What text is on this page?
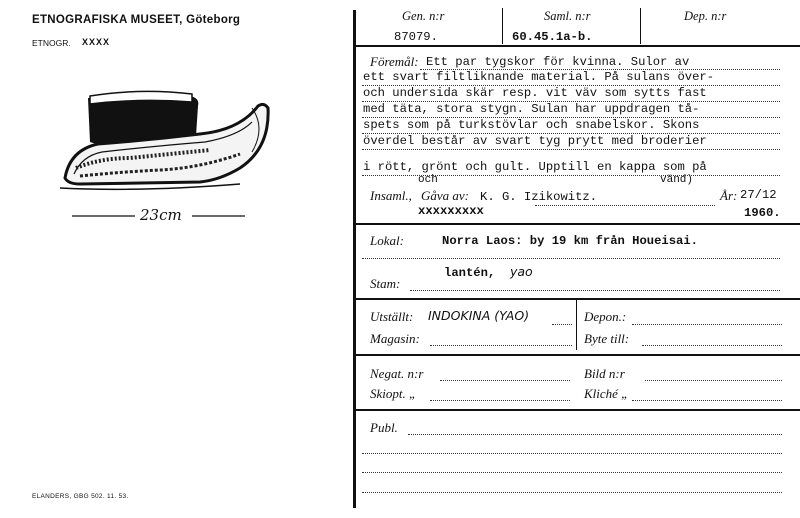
ETNOGRAFISKA MUSEET, Göteborg
ETNOGR. XXXX
23cm
ELANDERS, GBG 502. 11. 53.
Gen. n:r	Saml. n:r	Dep. n:r
87079.	60.45.1a-b.
Föremål: Ett par tygskor för kvinna. Sulor av
ett svart filtliknande material. På sulans över-
och undersida skär resp. vit väv som sytts fast
med täta, stora stygn. Sulan har uppdragen tå-
spets som på turkstövlar och snabelskor. Skons
överdel består av svart tyg prytt med broderier
i rött, grönt och gult. Upptill en kappa som på
och	vänd)
Insaml., Gåva av: K. G. Izikowitz.	År: 27/12
xxxxxxxxx	1960.
Lokal:	Norra Laos: by 19 km från Houeisai.
lantén, yao
Stam:
Utställt: INDOKINA (YAO)	Depon.:
Magasin:	Byte till:
Negat. n:r	Bild n:r
Skiopt. „	Kliché „
Publ.
